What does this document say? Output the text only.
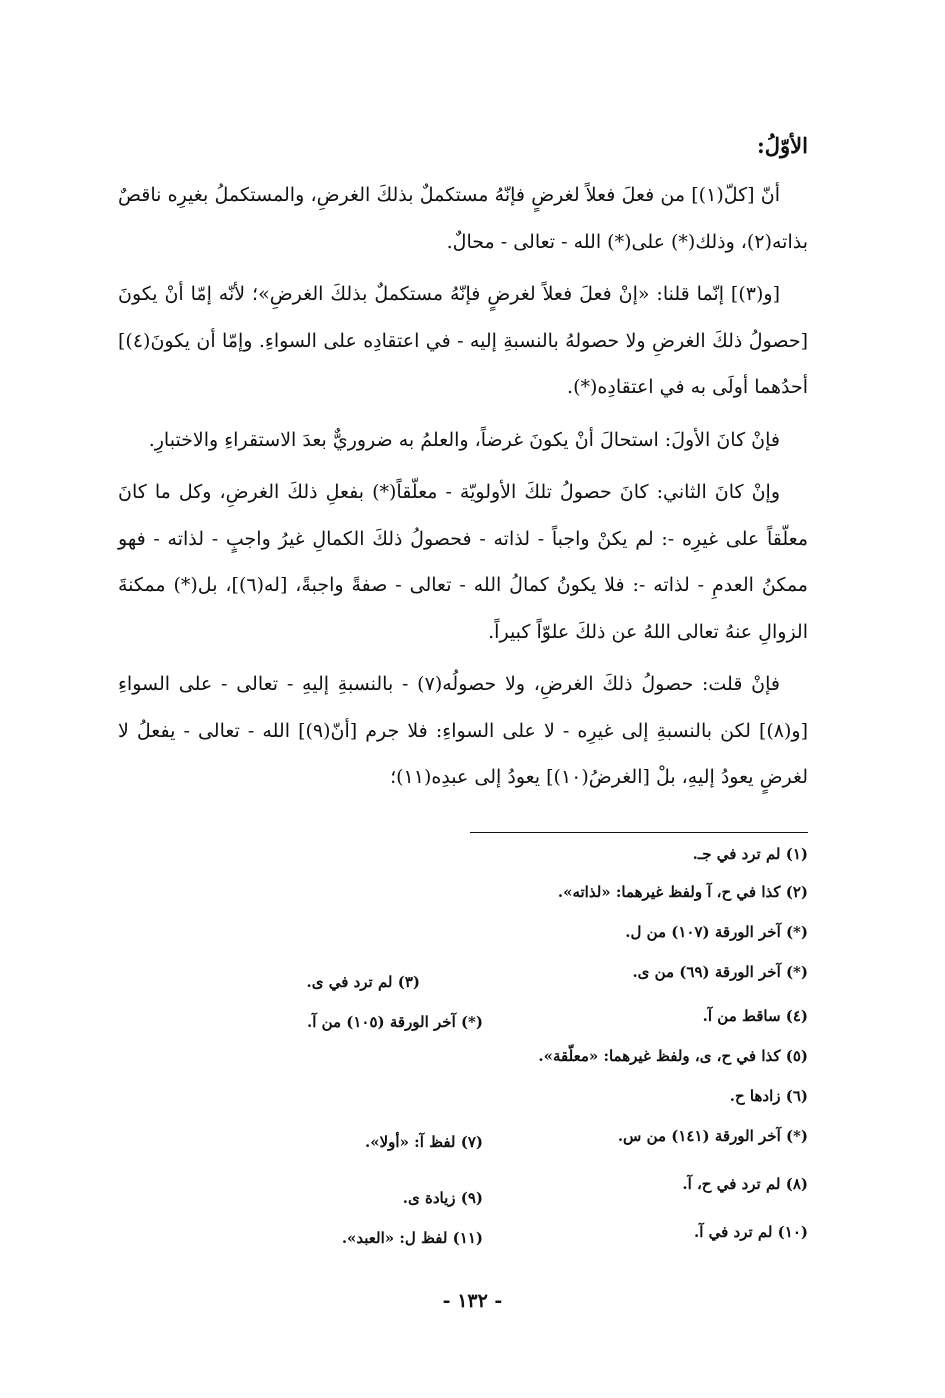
الأوّلُ:

أنّ [كلّ(١)] من فعلَ فعلاً لغرضٍ فإنّهُ مستكملٌ بذلكَ الغرضِ، والمستكملُ بغيرِه ناقصٌ بذاته(٢)، وذلك(*) على(*) الله - تعالى - محالٌ.

[و(٣)] إنّما قلنا: «إنْ فعلَ فعلاً لغرضٍ فإنّهُ مستكملٌ بذلكَ الغرضِ»؛ لأنّه إمّا أنْ يكونَ [حصولُ ذلكَ الغرضِ ولا حصولهُ بالنسبةِ إليه - في اعتقادِه على السواءِ. وإمّا أن يكونَ(٤)] أحدُهما أولَى به في اعتقادِه(*).

فإنْ كانَ الأولَ: استحالَ أنْ يكونَ غرضاً، والعلمُ به ضروريٌّ بعدَ الاستقراءِ والاختبارِ.

وإنْ كانَ الثاني: كانَ حصولُ تلكَ الأولويّة - معلّقاً(*) بفعلِ ذلكَ الغرضِ، وكل ما كانَ معلّقاً على غيرِه -: لم يكنْ واجباً - لذاته - فحصولُ ذلكَ الكمالِ غيرُ واجبٍ - لذاته - فهو ممكنُ العدمِ - لذاته -: فلا يكونُ كمالُ الله - تعالى - صفةً واجبةً، [له(٦)]، بل(*) ممكنةَ الزوالِ عنهُ تعالى اللهُ عن ذلكَ علوّاً كبيراً.

فإنْ قلت: حصولُ ذلكَ الغرضِ، ولا حصولُه(٧) - بالنسبةِ إليهِ - تعالى - على السواءِ [و(٨)] لكن بالنسبةِ إلى غيرِه - لا على السواءِ: فلا جرم [أنّ(٩)] الله - تعالى - يفعلُ لا لغرضٍ يعودُ إليهِ، بلْ [الغرضُ(١٠)] يعودُ إلى عبدِه(١١)؛

(١) لم ترد في جـ.
(٢) كذا في ح، آ ولفظ غيرهما: «لذاته».
(*) آخر الورقة (١٠٧) من ل.
(*) آخر الورقة (٦٩) من ى.
(٣) لم ترد في ى.
(٤) ساقط من آ.
(*) آخر الورقة (١٠٥) من آ.
(٥) كذا في ح، ى، ولفظ غيرهما: «معلّقة».
(٦) زادها ح.
(*) آخر الورقة (١٤١) من س.
(٧) لفظ آ: «أولا».
(٨) لم ترد في ح، آ.
(٩) زيادة ى.
(١٠) لم ترد في آ.
(١١) لفظ ل: «العبد».
- ١٣٢ -
